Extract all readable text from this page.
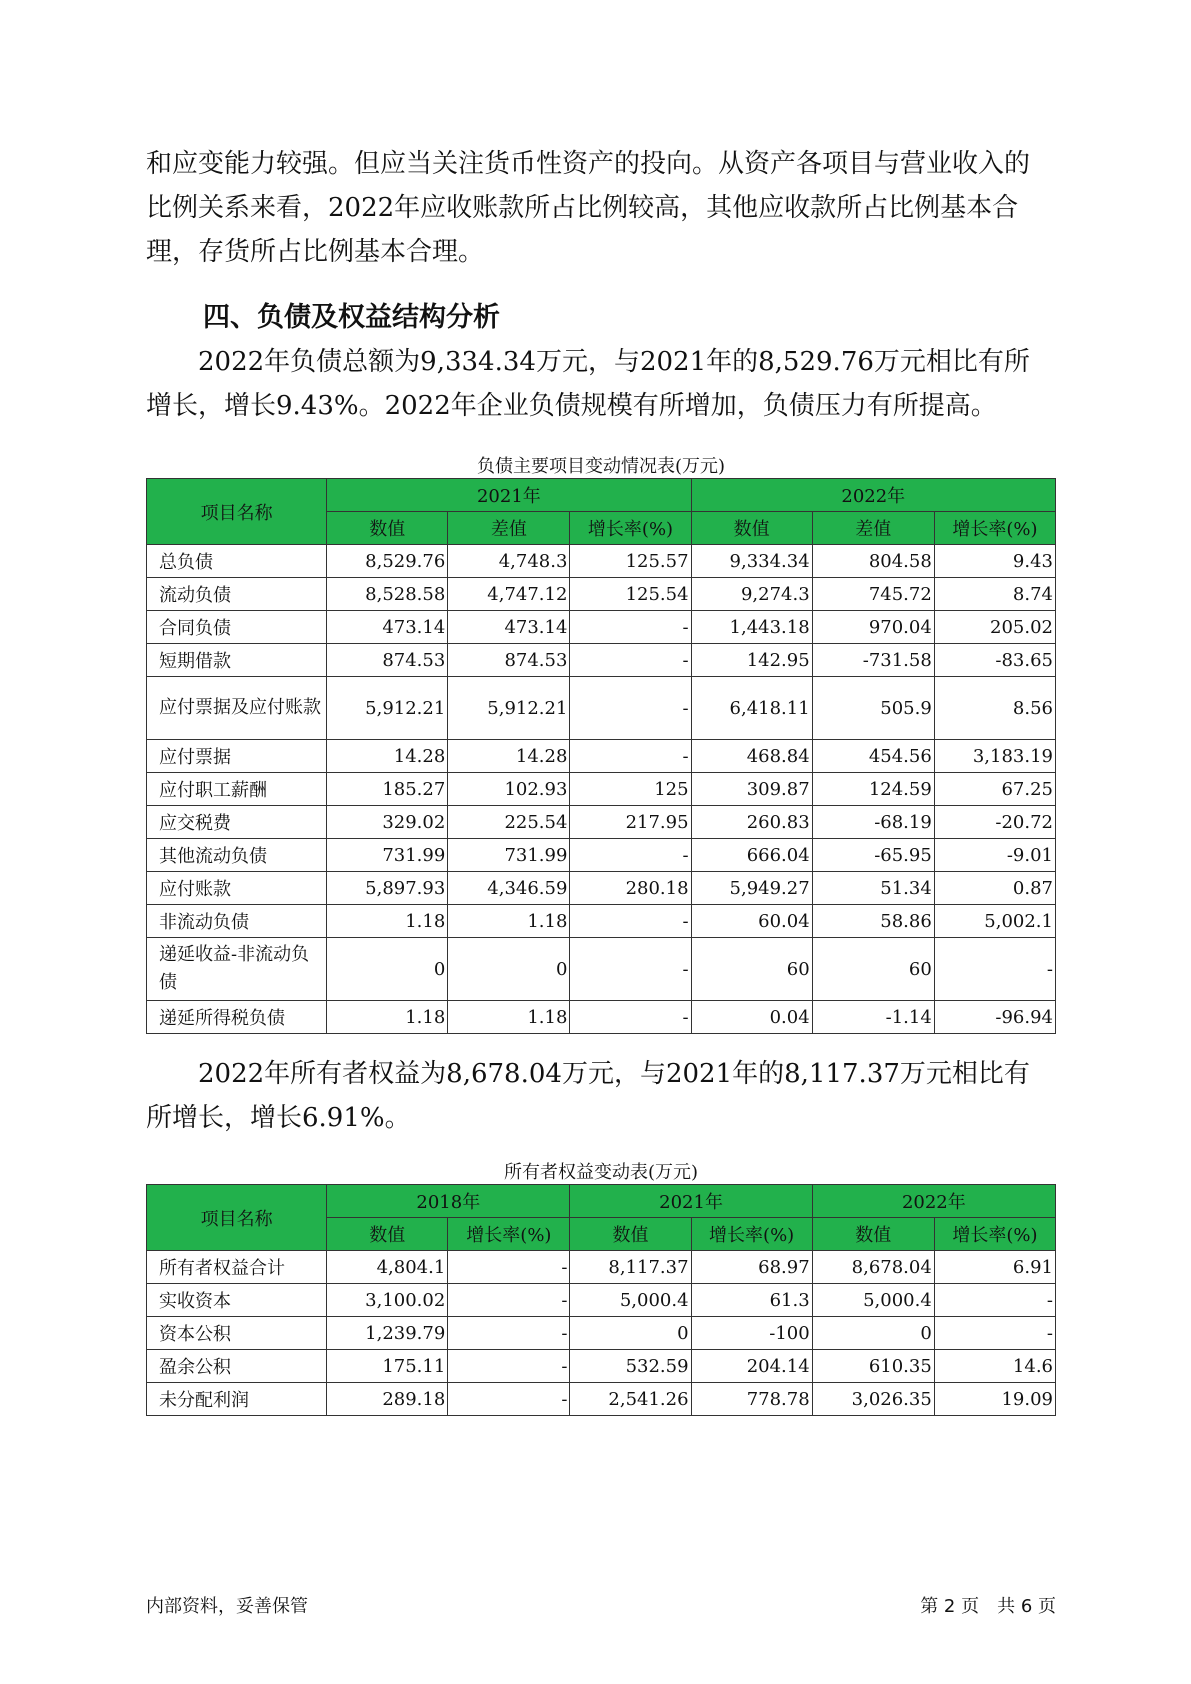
和应变能力较强。但应当关注货币性资产的投向。从资产各项目与营业收入的比例关系来看，2022年应收账款所占比例较高，其他应收款所占比例基本合理，存货所占比例基本合理。

四、负债及权益结构分析

2022年负债总额为9,334.34万元，与2021年的8,529.76万元相比有所增长，增长9.43%。2022年企业负债规模有所增加，负债压力有所提高。

负债主要项目变动情况表(万元)

项目名称	2021年			2022年		
	数值	差值	增长率(%)	数值	差值	增长率(%)
总负债	8,529.76	4,748.3	125.57	9,334.34	804.58	9.43
流动负债	8,528.58	4,747.12	125.54	9,274.3	745.72	8.74
合同负债	473.14	473.14	-	1,443.18	970.04	205.02
短期借款	874.53	874.53	-	142.95	-731.58	-83.65
应付票据及应付账款	5,912.21	5,912.21	-	6,418.11	505.9	8.56
应付票据	14.28	14.28	-	468.84	454.56	3,183.19
应付职工薪酬	185.27	102.93	125	309.87	124.59	67.25
应交税费	329.02	225.54	217.95	260.83	-68.19	-20.72
其他流动负债	731.99	731.99	-	666.04	-65.95	-9.01
应付账款	5,897.93	4,346.59	280.18	5,949.27	51.34	0.87
非流动负债	1.18	1.18	-	60.04	58.86	5,002.1
递延收益-非流动负债	0	0	-	60	60	-
递延所得税负债	1.18	1.18	-	0.04	-1.14	-96.94

2022年所有者权益为8,678.04万元，与2021年的8,117.37万元相比有所增长，增长6.91%。

所有者权益变动表(万元)

项目名称	2018年		2021年		2022年	
	数值	增长率(%)	数值	增长率(%)	数值	增长率(%)
所有者权益合计	4,804.1	-	8,117.37	68.97	8,678.04	6.91
实收资本	3,100.02	-	5,000.4	61.3	5,000.4	-
资本公积	1,239.79	-	0	-100	0	-
盈余公积	175.11	-	532.59	204.14	610.35	14.6
未分配利润	289.18	-	2,541.26	778.78	3,026.35	19.09

内部资料，妥善保管	第 2 页　共 6 页
